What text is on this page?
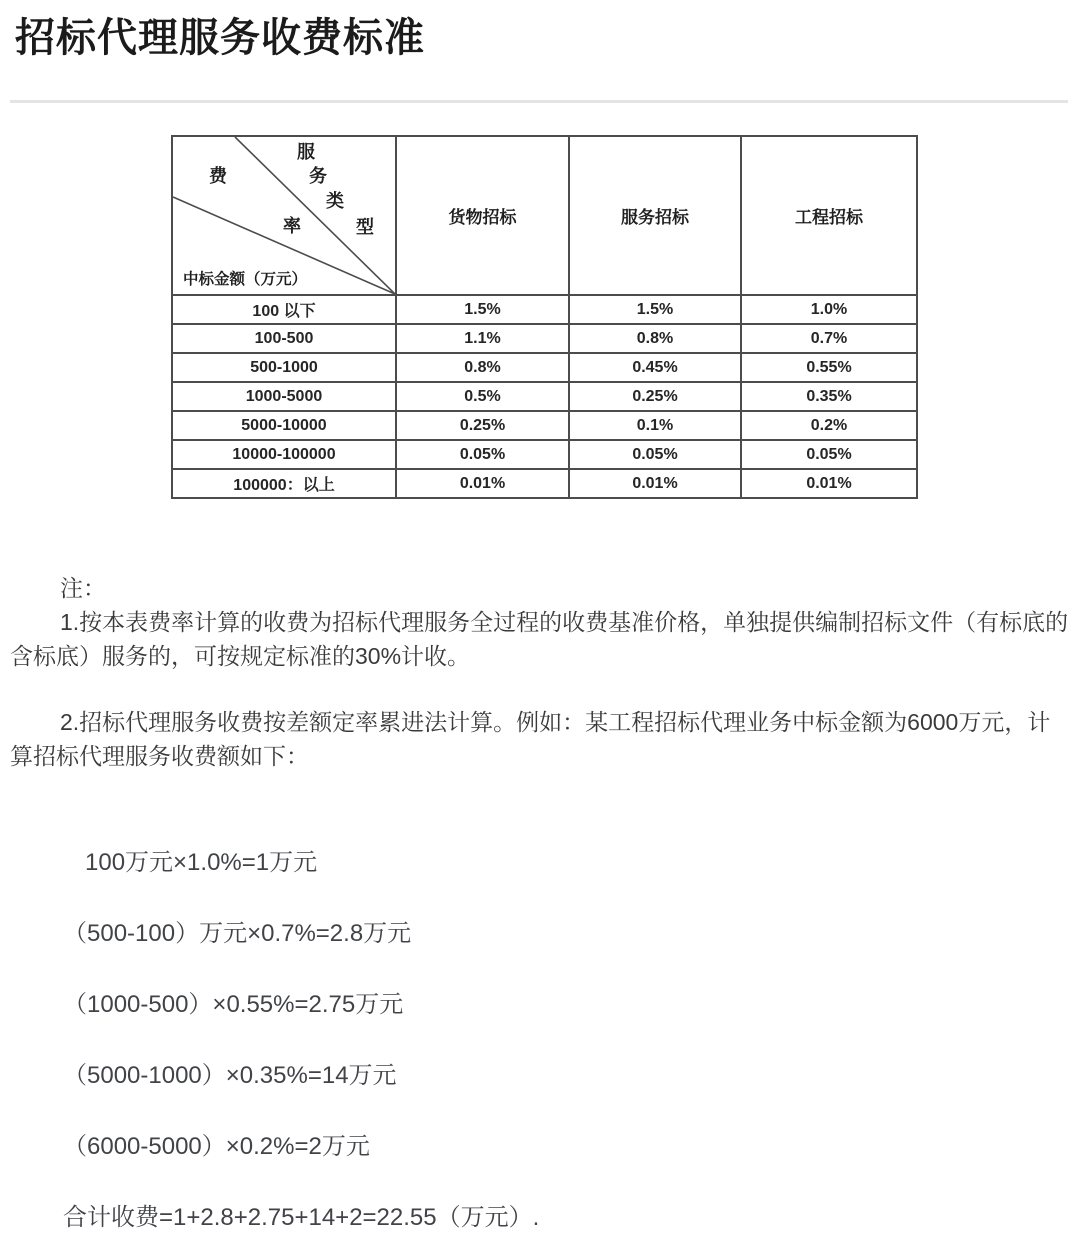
招标代理服务收费标准
服
务
类
型
费
率
中标金额（万元）
	货物招标	服务招标	工程招标
100 以下	1.5%	1.5%	1.0%
100-500	1.1%	0.8%	0.7%
500-1000	0.8%	0.45%	0.55%
1000-5000	0.5%	0.25%	0.35%
5000-10000	0.25%	0.1%	0.2%
10000-100000	0.05%	0.05%	0.05%
100000：以上	0.01%	0.01%	0.01%

注：

1.按本表费率计算的收费为招标代理服务全过程的收费基准价格，单独提供编制招标文件（有标底的含标底）服务的，可按规定标准的30%计收。

2.招标代理服务收费按差额定率累进法计算。例如：某工程招标代理业务中标金额为6000万元，计算招标代理服务收费额如下：

100万元×1.0%=1万元

（500-100）万元×0.7%=2.8万元

（1000-500）×0.55%=2.75万元

（5000-1000）×0.35%=14万元

（6000-5000）×0.2%=2万元

合计收费=1+2.8+2.75+14+2=22.55（万元）.
